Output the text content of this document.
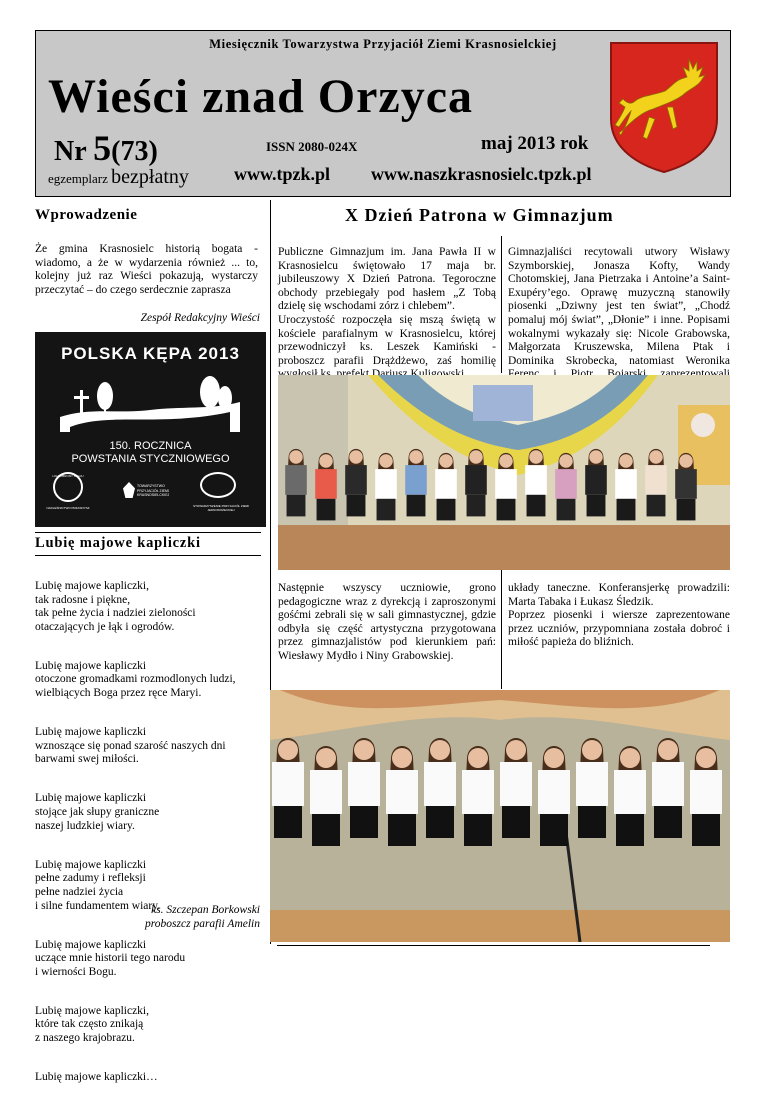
Miesięcznik Towarzystwa Przyjaciół Ziemi Krasnosielckiej
Wieści znad Orzyca
Nr 5(73)	ISSN 2080-024X	maj 2013 rok
egzemplarz bezpłatny	www.tpzk.pl www.naszkrasnosielc.tpzk.pl
Wprowadzenie
Że gmina Krasnosielc historią bogata - wiadomo, a że w wydarzenia również ... to, kolejny już raz Wieści pokazują, wystarczy przeczytać – do czego serdecznie zaprasza
Zespół Redakcyjny Wieści
POLSKA KĘPA 2013
150. ROCZNICA
POWSTANIA STYCZNIOWEGO
LIGA OBRONY KRAJU
NADLEŚNICTWO PRZASNYSZ
TOWARZYSTWO PRZYJACIÓŁ ZIEMI KRASNOSIELCKIEJ
STOWARZYSZENIE PRZYJACIÓŁ ZIEMI JEDNOROŻECKIEJ
Lubię majowe kapliczki

Lubię majowe kapliczki,
tak radosne i piękne,
tak pełne życia i nadziei zieloności
otaczających je łąk i ogrodów.

Lubię majowe kapliczki
otoczone gromadkami rozmodlonych ludzi,
wielbiących Boga przez ręce Maryi.

Lubię majowe kapliczki
wznoszące się ponad szarość naszych dni
barwami swej miłości.

Lubię majowe kapliczki
stojące jak słupy graniczne
naszej ludzkiej wiary.

Lubię majowe kapliczki
pełne zadumy i refleksji
pełne nadziei życia
i silne fundamentem wiary.

Lubię majowe kapliczki
uczące mnie historii tego narodu
i wierności Bogu.

Lubię majowe kapliczki,
które tak często znikają
z naszego krajobrazu.

Lubię majowe kapliczki…

ks. Szczepan Borkowski
proboszcz parafii Amelin
X Dzień Patrona w Gimnazjum
Publiczne Gimnazjum im. Jana Pawła II w Krasnosielcu świętowało 17 maja br. jubileuszowy X Dzień Patrona. Tegoroczne obchody przebiegały pod hasłem „Z Tobą dzielę się wschodami zórz i chlebem”.
Uroczystość rozpoczęła się mszą świętą w kościele parafialnym w Krasnosielcu, której przewodniczył ks. Leszek Kamiński - proboszcz parafii Drążdżewo, zaś homilię
Gimnazjaliści recytowali utwory Wisławy Szymborskiej, Jonasza Kofty, Wandy Chotomskiej, Jana Pietrzaka i Antoine’a Saint-Exupéry’ego. Oprawę muzyczną stanowiły piosenki „Dziwny jest ten świat”, „Chodź pomaluj mój świat”, „Dłonie” i inne. Popisami wokalnymi wykazały się: Nicole Grabowska, Małgorzata Kruszewska, Milena Ptak i Dominika Skrobecka, natomiast Weronika
Następnie wszyscy uczniowie, grono pedagogiczne wraz z dyrekcją i zaproszonymi gośćmi zebrali się w sali gimnastycznej, gdzie odbyła się część artystyczna przygotowana przez gimnazjalistów pod kierunkiem pań: Wiesławy Mydło i Niny Grabowskiej.
układy taneczne. Konferansjerkę prowadzili: Marta Tabaka i Łukasz Śledzik.
Poprzez piosenki i wiersze zaprezentowane przez uczniów, przypomniana została dobroć i miłość papieża do bliźnich.
